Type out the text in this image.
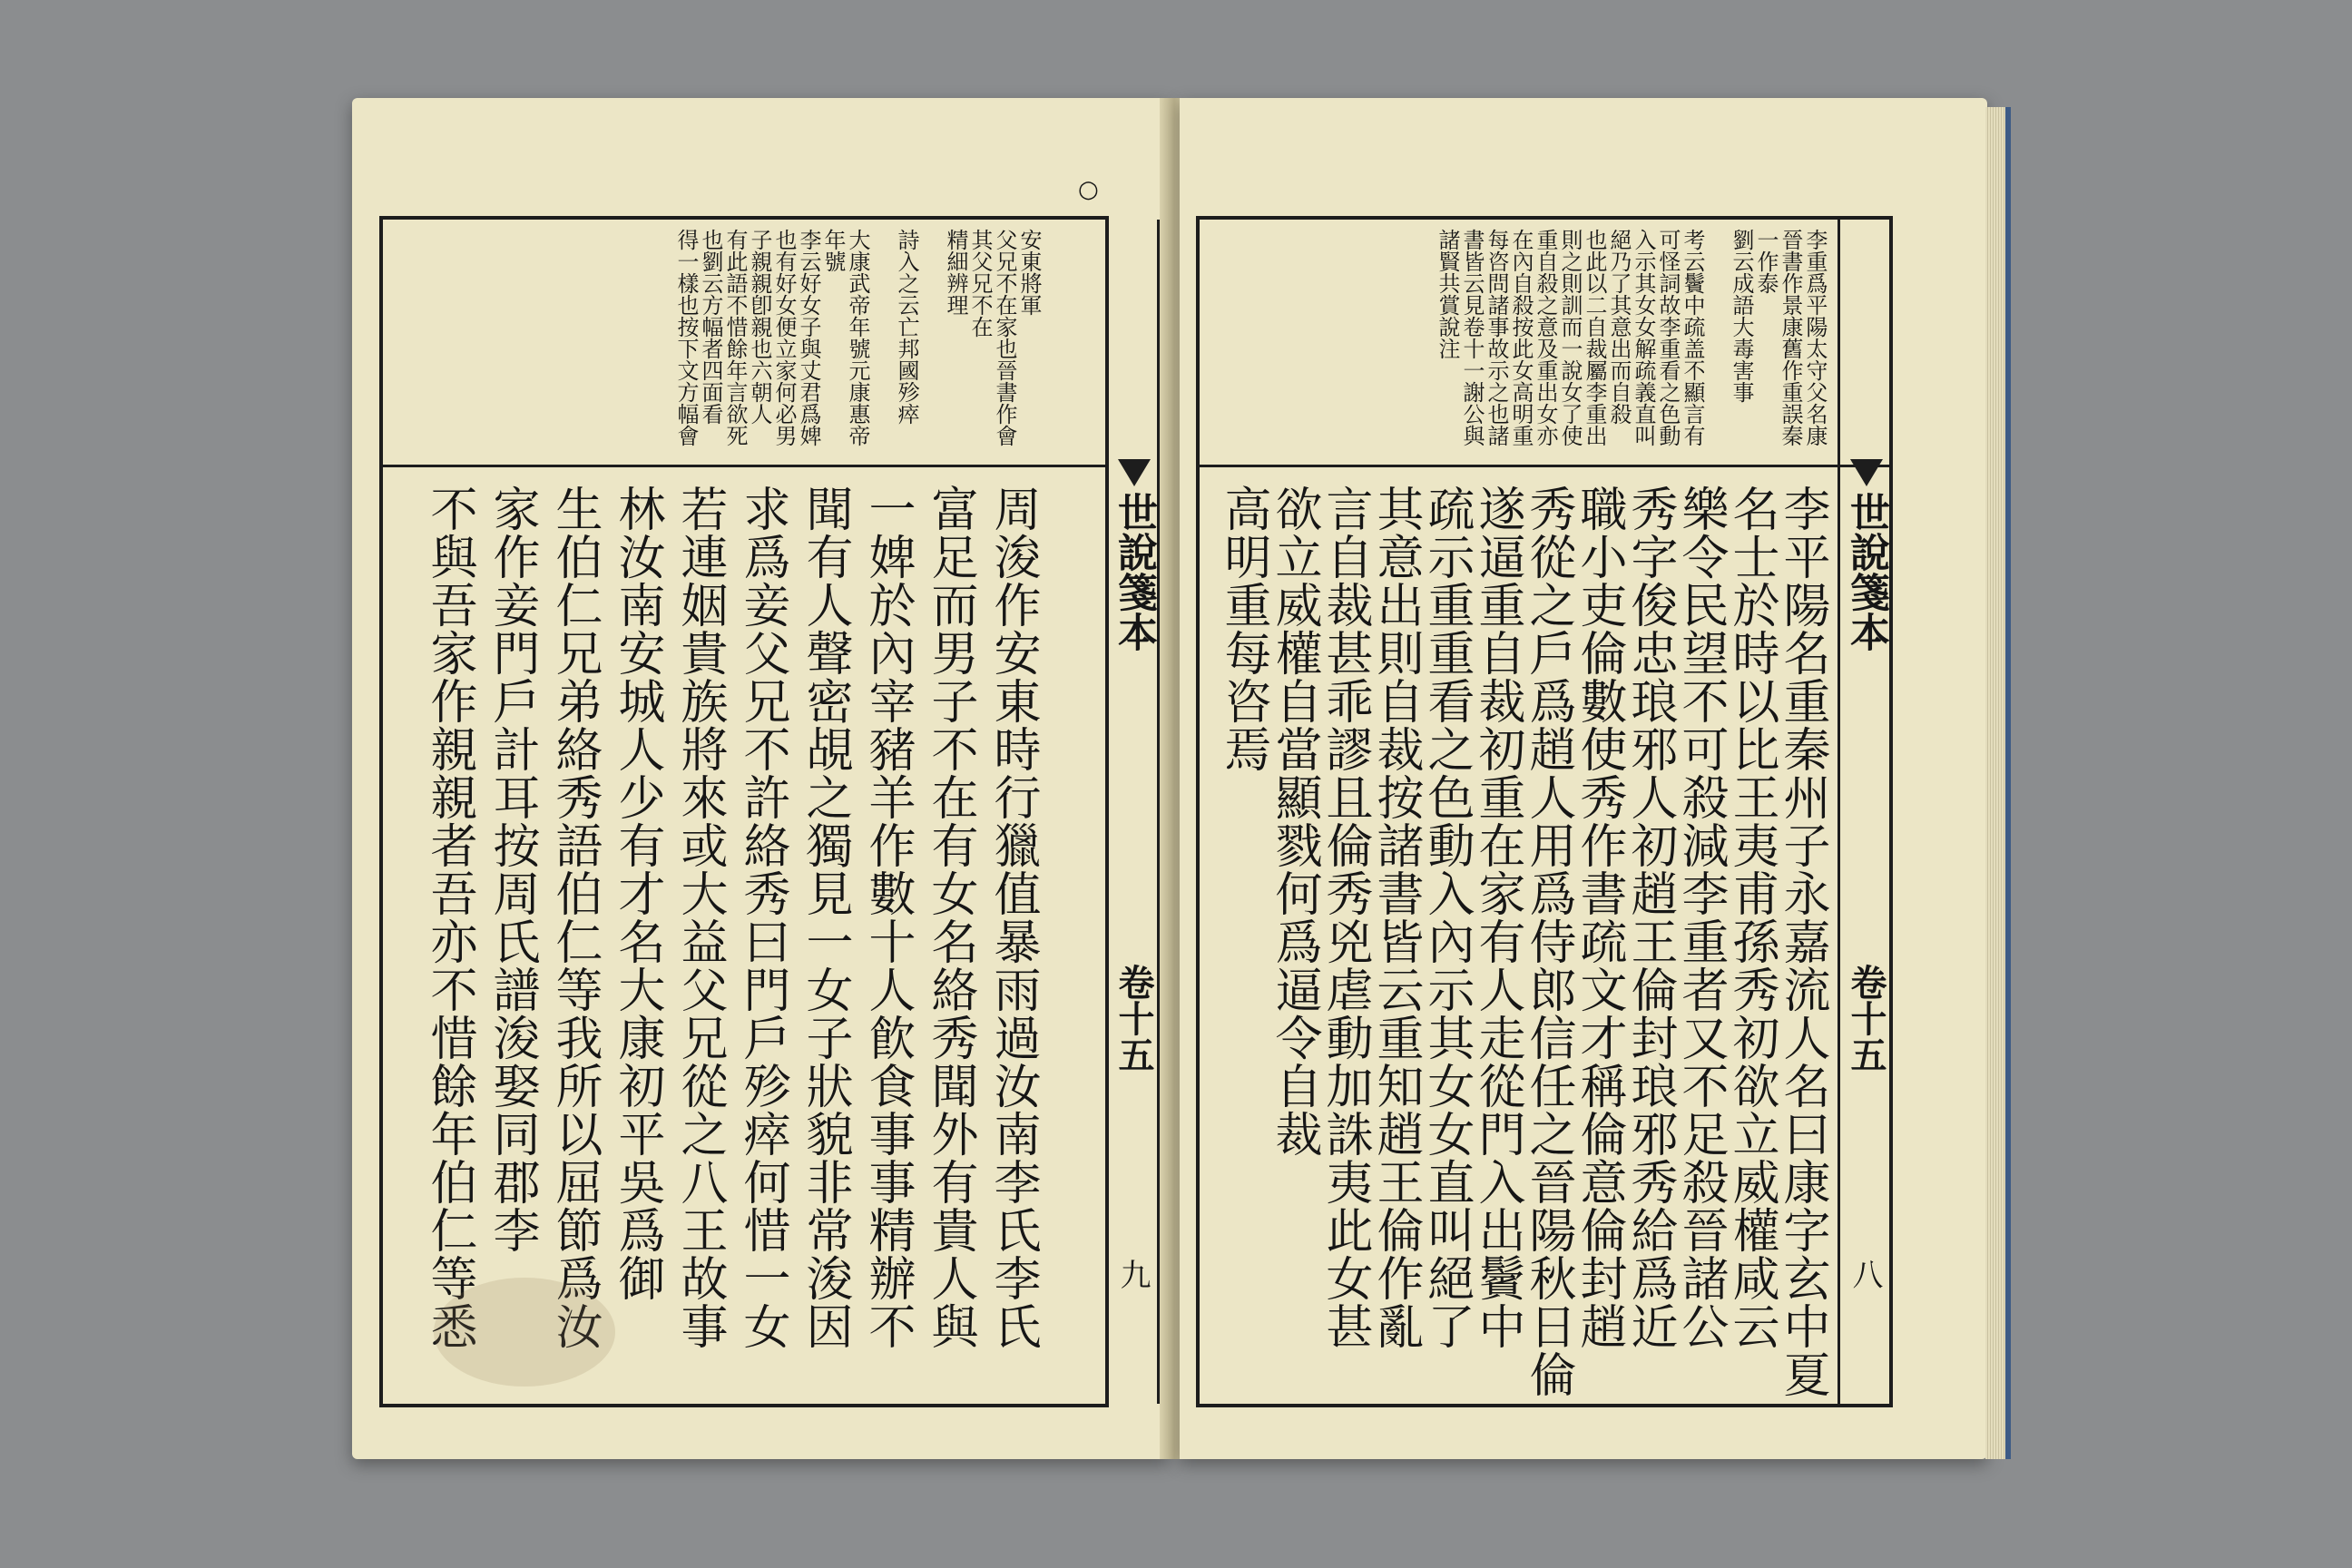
安東將軍
父兄不在家也晉書作會
其父兄不在
精細辨理
詩入之云亡邦國殄瘁
大康武帝年號元康惠帝
年號
李云好女子與丈君爲婢
也有好女便立家何必男
子親親卽親也六朝人
有此語不惜餘年言欲死
也劉云方幅者四面看
得一樣也按下文方幅會
周浚作安東時行獵值暴雨過汝南李氏李氏
富足而男子不在有女名絡秀聞外有貴人與
一婢於內宰豬羊作數十人飮食事事精辦不
聞有人聲密覘之獨見一女子狀貌非常浚因
求爲妾父兄不許絡秀曰門戶殄瘁何惜一女
若連姻貴族將來或大益父兄從之八王故事
林汝南安城人少有才名大康初平吳爲御
生伯仁兄弟絡秀語伯仁等我所以屈節爲汝
家作妾門戶計耳按周氏譜浚娶同郡李
不與吾家作親親者吾亦不惜餘年伯仁等悉	世說箋本
卷十五
九
○
世說箋本
卷十五
八
李重爲平陽太守父名康
晉書作景康舊作重誤秦
一作泰
劉云成語大毒害事
考云鬢中疏盖不顯言有
可怪詞故李重看之色動
入示其女女解疏義直叫
絕乃了其意出而自殺
也此以二自裁屬李重出
則之則訓而一說女了使
重自殺之意及重出女亦
在內自殺按此女高明重
每咨問諸事故示之也諸
書皆云見卷十一謝公與
諸賢共賞說注
李平陽名重秦州子永嘉流人名曰康字玄中夏
名士於時以比王夷甫孫秀初欲立威權咸云
樂令民望不可殺減李重者又不足殺晉諸公
秀字俊忠琅邪人初趙王倫封琅邪秀給爲近
職小吏倫數使秀作書疏文才稱倫意倫封趙
秀從之戶爲趙人用爲侍郎信任之晉陽秋日倫
遂逼重自裁初重在家有人走從門入出鬢中
疏示重重看之色動入內示其女女直叫絕了
其意出則自裁按諸書皆云重知趙王倫作亂
言自裁甚乖謬且倫秀兇虐動加誅夷此女甚
欲立威權自當顯戮何爲逼令自裁
高明重每咨焉
